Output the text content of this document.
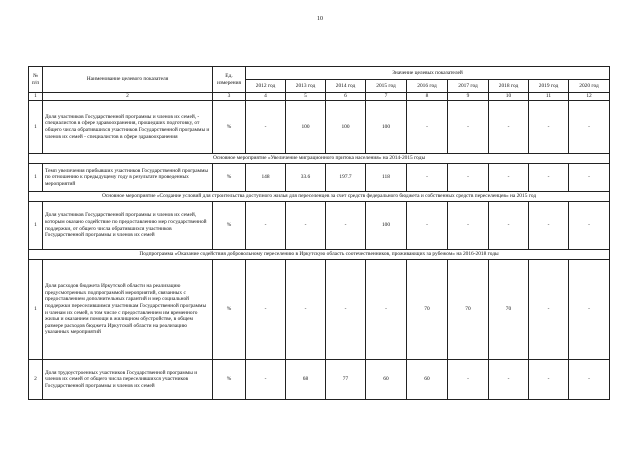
10
№
п/п	Наименование целевого показателя	Ед.
измерения	Значение целевых показателей								
			2012 год	2013 год	2014 год	2015 год	2016 год	2017 год	2018 год	2019 год	2020 год
1	2	3	4	5	6	7	8	9	10	11	12
1	Доля участников Государственной программы и членов их семей, - специалистов в сфере здравоохранения, прошедших подготовку, от общего числа обратившихся участников Государственной программы и членов их семей - специалистов в сфере здравоохранения	%	-	100	100	100	-	-	-	-	-
Основное мероприятие «Увеличение миграционного притока населения» на 2014-2015 годы											
1	Темп увеличения прибывших участников Государственной программы по отношению к предыдущему году в результате проведенных мероприятий	%	148	33.6	197.7	118	-	-	-	-	-
Основное мероприятие «Создание условий для строительства доступного жилья для переселенцев за счет средств федерального бюджета и собственных средств переселенцев» на 2015 год											
1	Доля участников Государственной программы и членов их семей, которым оказано содействие по предоставлению мер государственной поддержки, от общего числа обратившихся участников Государственной программы и членов их семей	%	-	-	-	100	-	-	-	-	-
Подпрограмма «Оказание содействия добровольному переселению в Иркутскую область соотечественников, проживающих за рубежом» на 2016-2018 годы											
1	Доля расходов бюджета Иркутской области на реализацию предусмотренных подпрограммой мероприятий, связанных с предоставлением дополнительных гарантий и мер социальной поддержки переселившимся участникам Государственной программы и членам их семей, в том числе с предоставлением им временного жилья и оказанием помощи в жилищном обустройстве, в общем размере расходов бюджета Иркутской области на реализацию указанных мероприятий	%	-	-	-	-	70	70	70	-	-
2	Доля трудоустроенных участников Государственной программы и членов их семей от общего числа переселившихся участников Государственной программы и членов их семей	%	-	68	77	60	60	-	-	-	-
